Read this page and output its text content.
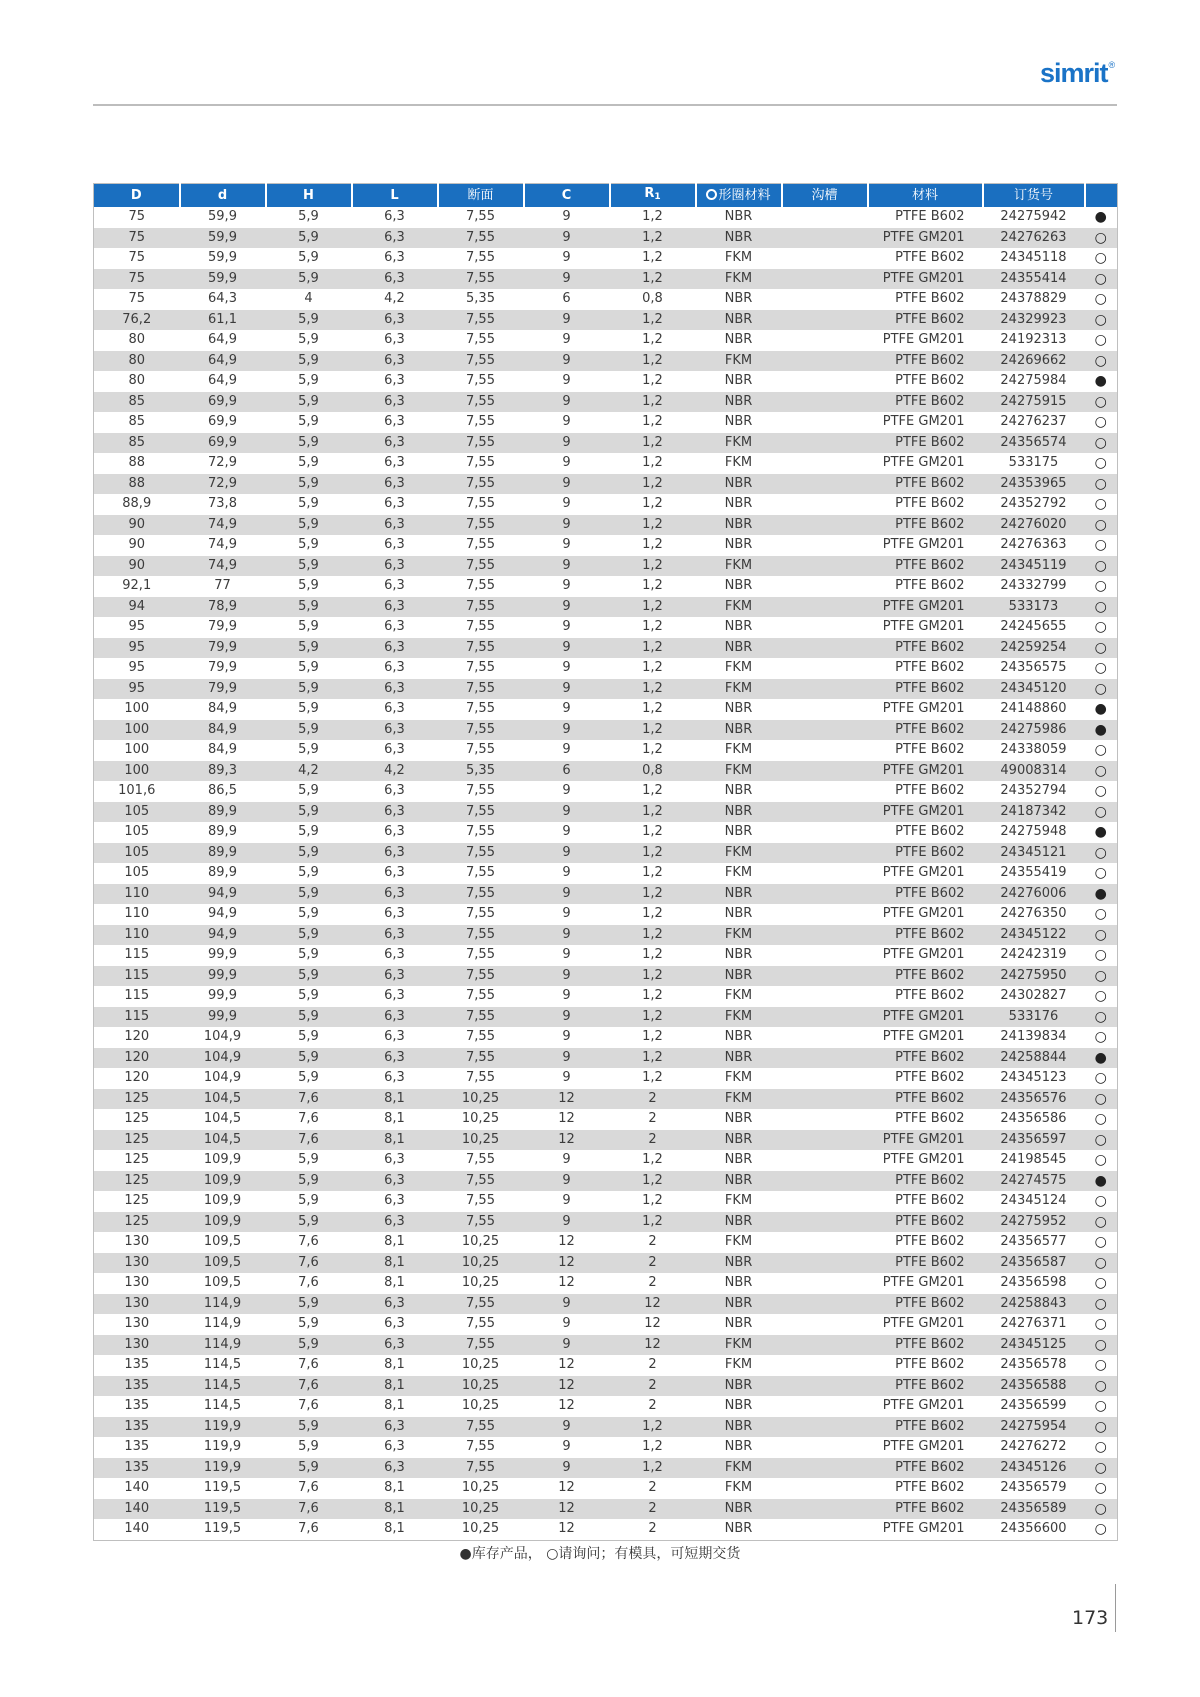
simrit®
D	d	H	L	断面	C	$R_1$	形圈材料	沟槽	材料	订货号	
75	59,9	5,9	6,3	7,55	9	1,2	NBR		PTFE B602	24275942	●
75	59,9	5,9	6,3	7,55	9	1,2	NBR		PTFE GM201	24276263	○
75	59,9	5,9	6,3	7,55	9	1,2	FKM		PTFE B602	24345118	○
75	59,9	5,9	6,3	7,55	9	1,2	FKM		PTFE GM201	24355414	○
75	64,3	4	4,2	5,35	6	0,8	NBR		PTFE B602	24378829	○
76,2	61,1	5,9	6,3	7,55	9	1,2	NBR		PTFE B602	24329923	○
80	64,9	5,9	6,3	7,55	9	1,2	NBR		PTFE GM201	24192313	○
80	64,9	5,9	6,3	7,55	9	1,2	FKM		PTFE B602	24269662	○
80	64,9	5,9	6,3	7,55	9	1,2	NBR		PTFE B602	24275984	●
85	69,9	5,9	6,3	7,55	9	1,2	NBR		PTFE B602	24275915	○
85	69,9	5,9	6,3	7,55	9	1,2	NBR		PTFE GM201	24276237	○
85	69,9	5,9	6,3	7,55	9	1,2	FKM		PTFE B602	24356574	○
88	72,9	5,9	6,3	7,55	9	1,2	FKM		PTFE GM201	533175	○
88	72,9	5,9	6,3	7,55	9	1,2	NBR		PTFE B602	24353965	○
88,9	73,8	5,9	6,3	7,55	9	1,2	NBR		PTFE B602	24352792	○
90	74,9	5,9	6,3	7,55	9	1,2	NBR		PTFE B602	24276020	○
90	74,9	5,9	6,3	7,55	9	1,2	NBR		PTFE GM201	24276363	○
90	74,9	5,9	6,3	7,55	9	1,2	FKM		PTFE B602	24345119	○
92,1	77	5,9	6,3	7,55	9	1,2	NBR		PTFE B602	24332799	○
94	78,9	5,9	6,3	7,55	9	1,2	FKM		PTFE GM201	533173	○
95	79,9	5,9	6,3	7,55	9	1,2	NBR		PTFE GM201	24245655	○
95	79,9	5,9	6,3	7,55	9	1,2	NBR		PTFE B602	24259254	○
95	79,9	5,9	6,3	7,55	9	1,2	FKM		PTFE B602	24356575	○
95	79,9	5,9	6,3	7,55	9	1,2	FKM		PTFE B602	24345120	○
100	84,9	5,9	6,3	7,55	9	1,2	NBR		PTFE GM201	24148860	●
100	84,9	5,9	6,3	7,55	9	1,2	NBR		PTFE B602	24275986	●
100	84,9	5,9	6,3	7,55	9	1,2	FKM		PTFE B602	24338059	○
100	89,3	4,2	4,2	5,35	6	0,8	FKM		PTFE GM201	49008314	○
101,6	86,5	5,9	6,3	7,55	9	1,2	NBR		PTFE B602	24352794	○
105	89,9	5,9	6,3	7,55	9	1,2	NBR		PTFE GM201	24187342	○
105	89,9	5,9	6,3	7,55	9	1,2	NBR		PTFE B602	24275948	●
105	89,9	5,9	6,3	7,55	9	1,2	FKM		PTFE B602	24345121	○
105	89,9	5,9	6,3	7,55	9	1,2	FKM		PTFE GM201	24355419	○
110	94,9	5,9	6,3	7,55	9	1,2	NBR		PTFE B602	24276006	●
110	94,9	5,9	6,3	7,55	9	1,2	NBR		PTFE GM201	24276350	○
110	94,9	5,9	6,3	7,55	9	1,2	FKM		PTFE B602	24345122	○
115	99,9	5,9	6,3	7,55	9	1,2	NBR		PTFE GM201	24242319	○
115	99,9	5,9	6,3	7,55	9	1,2	NBR		PTFE B602	24275950	○
115	99,9	5,9	6,3	7,55	9	1,2	FKM		PTFE B602	24302827	○
115	99,9	5,9	6,3	7,55	9	1,2	FKM		PTFE GM201	533176	○
120	104,9	5,9	6,3	7,55	9	1,2	NBR		PTFE GM201	24139834	○
120	104,9	5,9	6,3	7,55	9	1,2	NBR		PTFE B602	24258844	●
120	104,9	5,9	6,3	7,55	9	1,2	FKM		PTFE B602	24345123	○
125	104,5	7,6	8,1	10,25	12	2	FKM		PTFE B602	24356576	○
125	104,5	7,6	8,1	10,25	12	2	NBR		PTFE B602	24356586	○
125	104,5	7,6	8,1	10,25	12	2	NBR		PTFE GM201	24356597	○
125	109,9	5,9	6,3	7,55	9	1,2	NBR		PTFE GM201	24198545	○
125	109,9	5,9	6,3	7,55	9	1,2	NBR		PTFE B602	24274575	●
125	109,9	5,9	6,3	7,55	9	1,2	FKM		PTFE B602	24345124	○
125	109,9	5,9	6,3	7,55	9	1,2	NBR		PTFE B602	24275952	○
130	109,5	7,6	8,1	10,25	12	2	FKM		PTFE B602	24356577	○
130	109,5	7,6	8,1	10,25	12	2	NBR		PTFE B602	24356587	○
130	109,5	7,6	8,1	10,25	12	2	NBR		PTFE GM201	24356598	○
130	114,9	5,9	6,3	7,55	9	12	NBR		PTFE B602	24258843	○
130	114,9	5,9	6,3	7,55	9	12	NBR		PTFE GM201	24276371	○
130	114,9	5,9	6,3	7,55	9	12	FKM		PTFE B602	24345125	○
135	114,5	7,6	8,1	10,25	12	2	FKM		PTFE B602	24356578	○
135	114,5	7,6	8,1	10,25	12	2	NBR		PTFE B602	24356588	○
135	114,5	7,6	8,1	10,25	12	2	NBR		PTFE GM201	24356599	○
135	119,9	5,9	6,3	7,55	9	1,2	NBR		PTFE B602	24275954	○
135	119,9	5,9	6,3	7,55	9	1,2	NBR		PTFE GM201	24276272	○
135	119,9	5,9	6,3	7,55	9	1,2	FKM		PTFE B602	24345126	○
140	119,5	7,6	8,1	10,25	12	2	FKM		PTFE B602	24356579	○
140	119,5	7,6	8,1	10,25	12	2	NBR		PTFE B602	24356589	○
140	119,5	7,6	8,1	10,25	12	2	NBR		PTFE GM201	24356600	○
●库存产品， ○请询问；有模具，可短期交货
173
